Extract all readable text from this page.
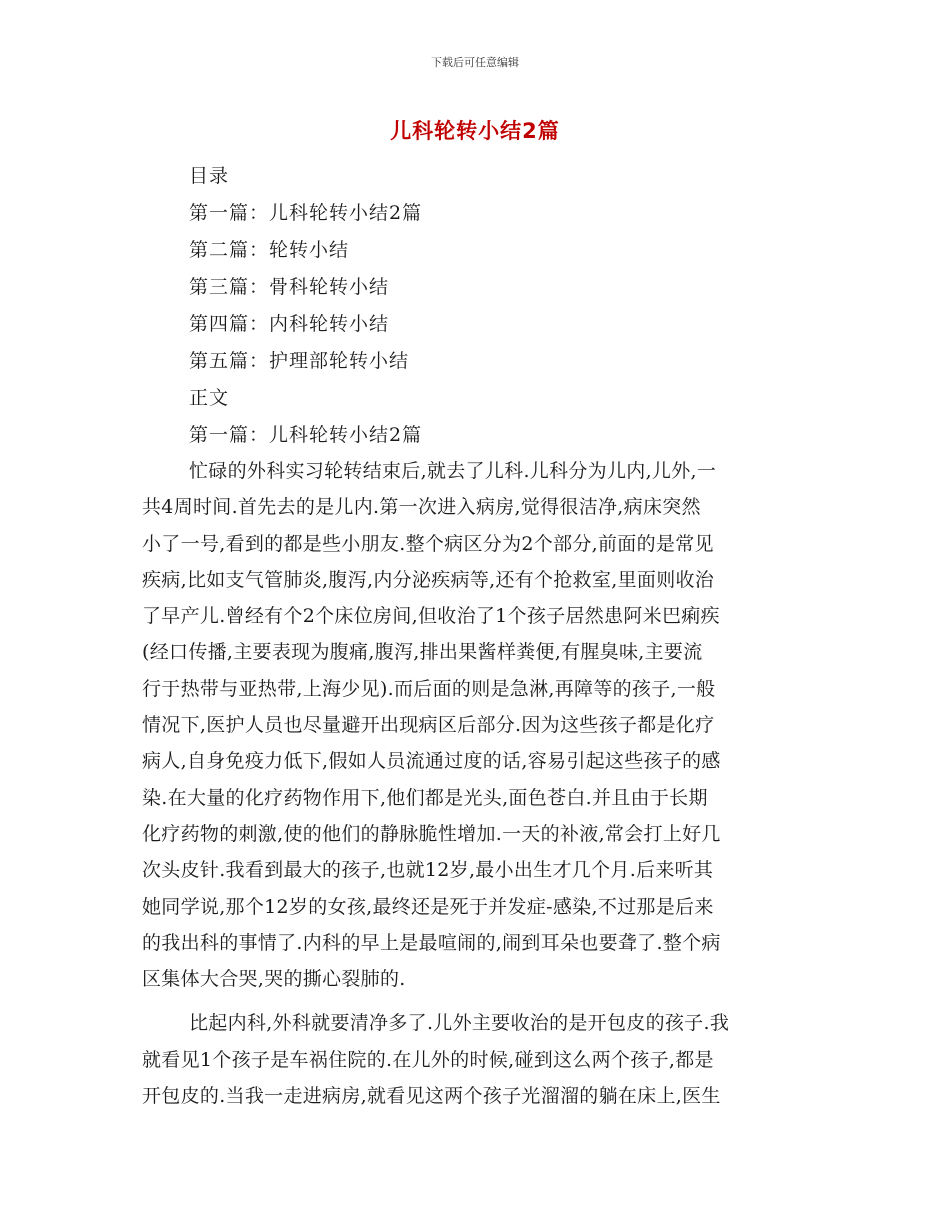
下载后可任意编辑
儿科轮转小结2篇
目录
第一篇：儿科轮转小结2篇
第二篇：轮转小结
第三篇：骨科轮转小结
第四篇：内科轮转小结
第五篇：护理部轮转小结
正文
第一篇：儿科轮转小结2篇

忙碌的外科实习轮转结束后,就去了儿科.儿科分为儿内,儿外,一
共4周时间.首先去的是儿内.第一次进入病房,觉得很洁净,病床突然
小了一号,看到的都是些小朋友.整个病区分为2个部分,前面的是常见
疾病,比如支气管肺炎,腹泻,内分泌疾病等,还有个抢救室,里面则收治
了早产儿.曾经有个2个床位房间,但收治了1个孩子居然患阿米巴痢疾
(经口传播,主要表现为腹痛,腹泻,排出果酱样粪便,有腥臭味,主要流
行于热带与亚热带,上海少见).而后面的则是急淋,再障等的孩子,一般
情况下,医护人员也尽量避开出现病区后部分.因为这些孩子都是化疗
病人,自身免疫力低下,假如人员流通过度的话,容易引起这些孩子的感
染.在大量的化疗药物作用下,他们都是光头,面色苍白.并且由于长期
化疗药物的刺激,使的他们的静脉脆性增加.一天的补液,常会打上好几
次头皮针.我看到最大的孩子,也就12岁,最小出生才几个月.后来听其
她同学说,那个12岁的女孩,最终还是死于并发症-感染,不过那是后来
的我出科的事情了.内科的早上是最喧闹的,闹到耳朵也要聋了.整个病
区集体大合哭,哭的撕心裂肺的.

比起内科,外科就要清净多了.儿外主要收治的是开包皮的孩子.我
就看见1个孩子是车祸住院的.在儿外的时候,碰到这么两个孩子,都是
开包皮的.当我一走进病房,就看见这两个孩子光溜溜的躺在床上,医生
